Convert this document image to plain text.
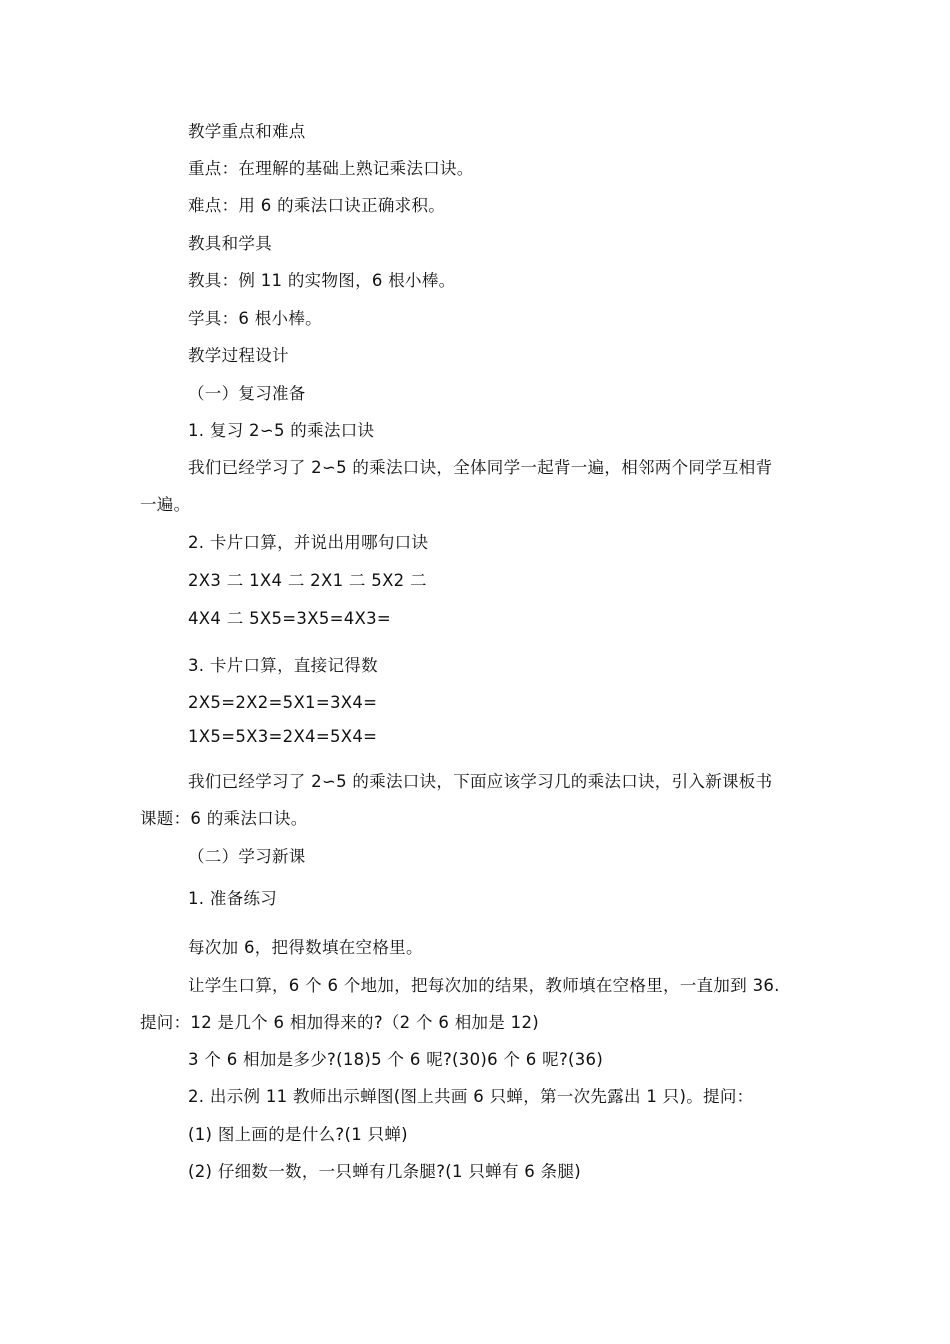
教学重点和难点
重点：在理解的基础上熟记乘法口诀。
难点：用 6 的乘法口诀正确求积。
教具和学具
教具：例 11 的实物图，6 根小棒。
学具：6 根小棒。
教学过程设计
（一）复习准备
1. 复习 2∽5 的乘法口诀
我们已经学习了 2∽5 的乘法口诀，全体同学一起背一遍，相邻两个同学互相背
一遍。
2. 卡片口算，并说出用哪句口诀
2X3 二 1X4 二 2X1 二 5X2 二
4X4 二 5X5=3X5=4X3=
3. 卡片口算，直接记得数
2X5=2X2=5X1=3X4=
1X5=5X3=2X4=5X4=
我们已经学习了 2∽5 的乘法口诀，下面应该学习几的乘法口诀，引入新课板书
课题：6 的乘法口诀。
（二）学习新课
1. 准备练习
每次加 6，把得数填在空格里。
让学生口算，6 个 6 个地加，把每次加的结果，教师填在空格里，一直加到 36.
提问：12 是几个 6 相加得来的?（2 个 6 相加是 12)
3 个 6 相加是多少?(18)5 个 6 呢?(30)6 个 6 呢?(36)
2. 出示例 11 教师出示蝉图(图上共画 6 只蝉，第一次先露出 1 只)。提问：
(1) 图上画的是什么?(1 只蝉)
(2) 仔细数一数，一只蝉有几条腿?(1 只蝉有 6 条腿)
